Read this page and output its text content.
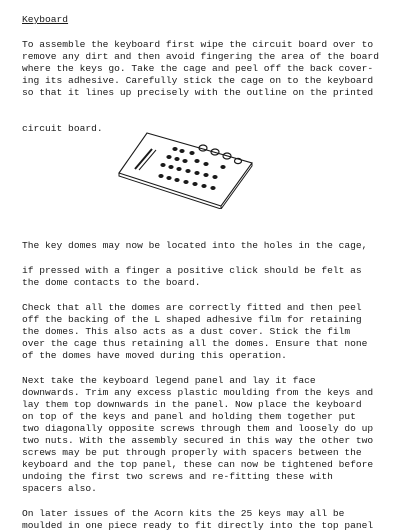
Keyboard

To assemble the keyboard first wipe the circuit board over to

remove any dirt and then avoid fingering the area of the board

where the keys go. Take the cage and peel off the back cover-

ing its adhesive. Carefully stick the cage on to the keyboard

so that it lines up precisely with the outline on the printed

circuit board.

The key domes may now be located into the holes in the cage,

if pressed with a finger a positive click should be felt as

the dome contacts to the board.

Check that all the domes are correctly fitted and then peel

off the backing of the L shaped adhesive film for retaining

the domes. This also acts as a dust cover. Stick the film

over the cage thus retaining all the domes. Ensure that none

of the domes have moved during this operation.

Next take the keyboard legend panel and lay it face

downwards. Trim any excess plastic moulding from the keys and

lay them top downwards in the panel. Now place the keyboard

on top of the keys and panel and holding them together put

two diagonally opposite screws through them and loosely do up

two nuts. With the assembly secured in this way the other two

screws may be put through properly with spacers between the

keyboard and the top panel, these can now be tightened before

undoing the first two screws and re-fitting these with

spacers also.

On later issues of the Acorn kits the 25 keys may all be

moulded in one piece ready to fit directly into the top panel
